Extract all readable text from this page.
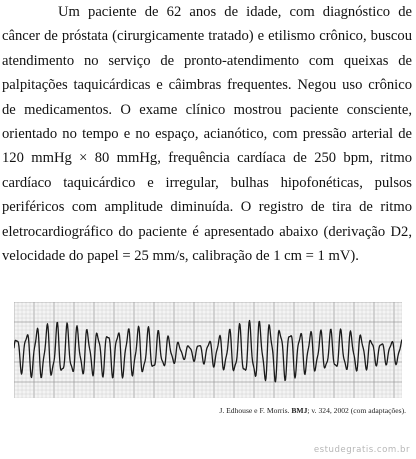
Um paciente de 62 anos de idade, com diagnóstico de câncer de próstata (cirurgicamente tratado) e etilismo crônico, buscou atendimento no serviço de pronto-atendimento com queixas de palpitações taquicárdicas e câimbras frequentes. Negou uso crônico de medicamentos. O exame clínico mostrou paciente consciente, orientado no tempo e no espaço, acianótico, com pressão arterial de 120 mmHg × 80 mmHg, frequência cardíaca de 250 bpm, ritmo cardíaco taquicárdico e irregular, bulhas hipofonéticas, pulsos periféricos com amplitude diminuída. O registro de tira de ritmo eletrocardiográfico do paciente é apresentado abaixo (derivação D2, velocidade do papel = 25 mm/s, calibração de 1 cm = 1 mV).

J. Edhouse e F. Morris. BMJ; v. 324, 2002 (com adaptações).
estudegratis.com.br
